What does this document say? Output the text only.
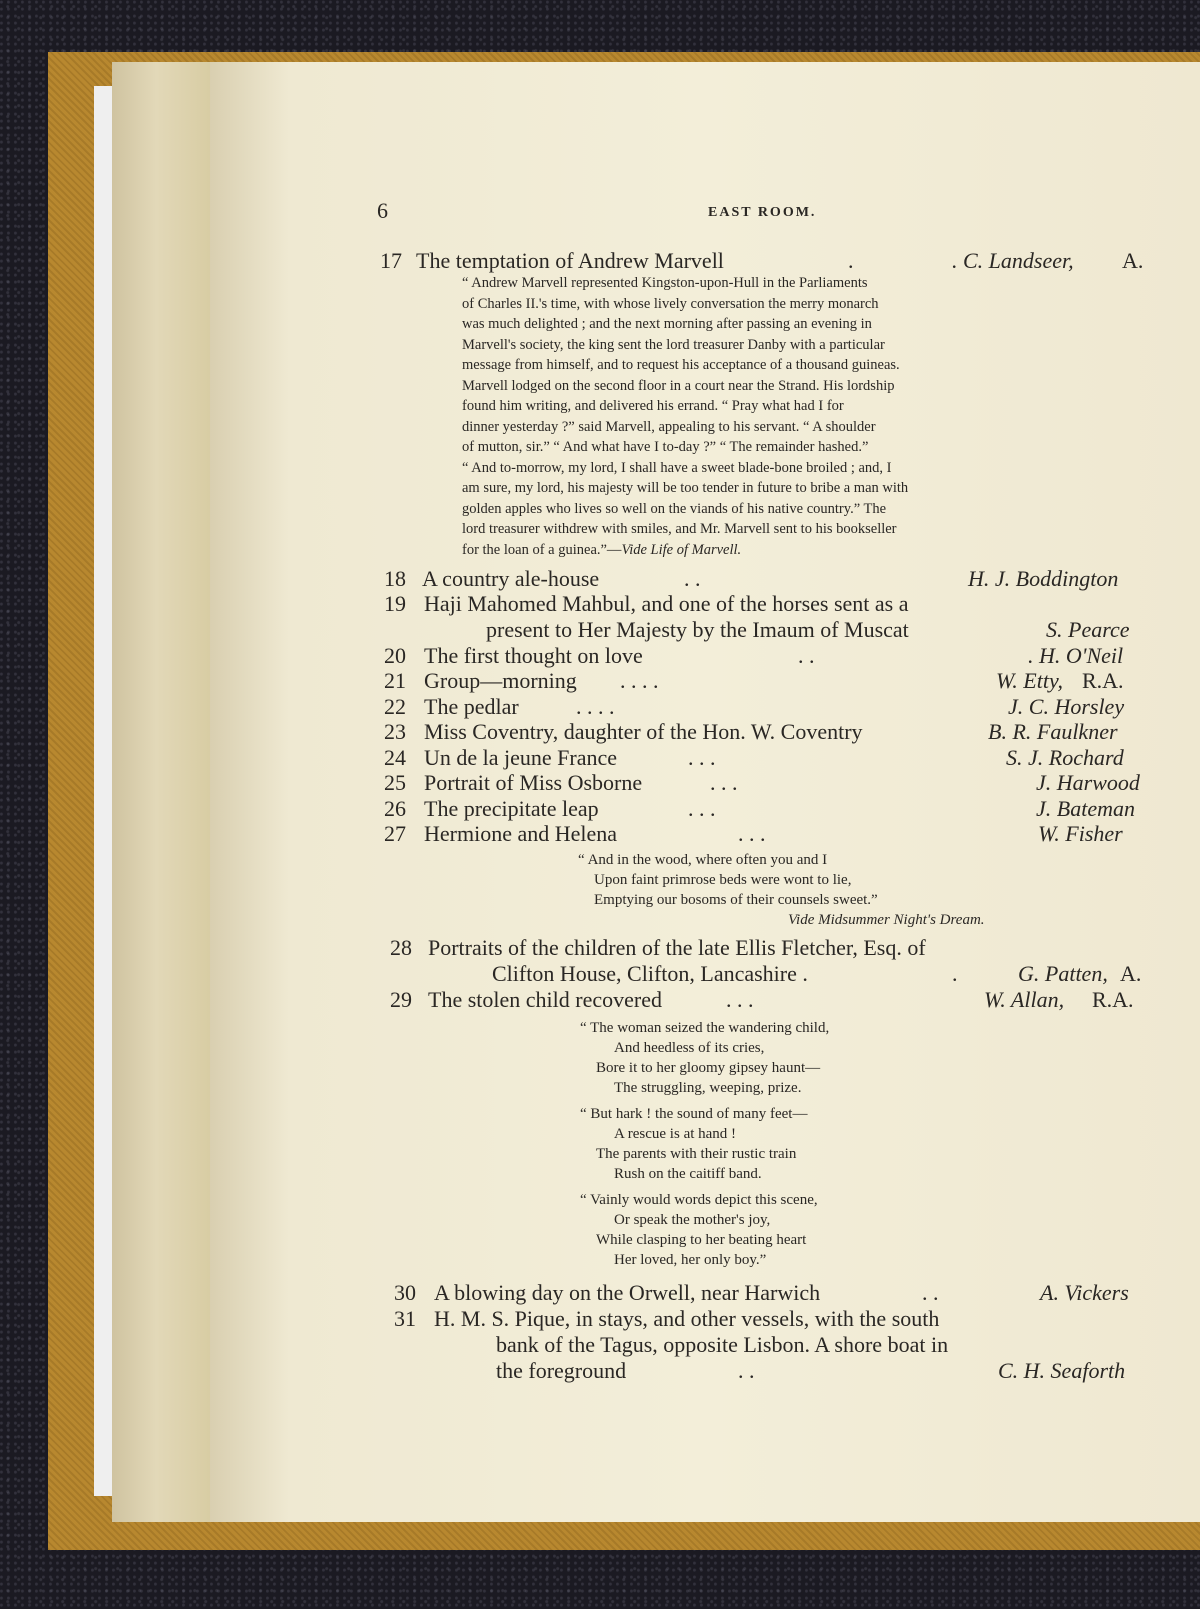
6	EAST ROOM.
17 The temptation of Andrew Marvell	.	. C. Landseer, A.

“ Andrew Marvell represented Kingston-upon-Hull in the Parliaments

of Charles II.'s time, with whose lively conversation the merry monarch

was much delighted ; and the next morning after passing an evening in

Marvell's society, the king sent the lord treasurer Danby with a particular

message from himself, and to request his acceptance of a thousand guineas.

Marvell lodged on the second floor in a court near the Strand. His lordship

found him writing, and delivered his errand. “ Pray what had I for

dinner yesterday ?” said Marvell, appealing to his servant. “ A shoulder

of mutton, sir.” “ And what have I to-day ?” “ The remainder hashed.”

“ And to-morrow, my lord, I shall have a sweet blade-bone broiled ; and, I

am sure, my lord, his majesty will be too tender in future to bribe a man with

golden apples who lives so well on the viands of his native country.” The

lord treasurer withdrew with smiles, and Mr. Marvell sent to his bookseller

for the loan of a guinea.”—Vide Life of Marvell.

18 A country ale-house	. .	H. J. Boddington
19 Haji Mahomed Mahbul, and one of the horses sent as a
present to Her Majesty by the Imaum of Muscat	S. Pearce
20 The first thought on love	. .	. H. O'Neil
21 Group—morning . . . .	W. Etty, R.A.
22 The pedlar	. . . .	J. C. Horsley
23 Miss Coventry, daughter of the Hon. W. Coventry	B. R. Faulkner
24 Un de la jeune France	. . .	S. J. Rochard
25 Portrait of Miss Osborne	. . .	J. Harwood
26 The precipitate leap	. . .	J. Bateman
27 Hermione and Helena	. . .	W. Fisher
“ And in the wood, where often you and I
Upon faint primrose beds were wont to lie,
Emptying our bosoms of their counsels sweet.”
Vide Midsummer Night's Dream.
28 Portraits of the children of the late Ellis Fletcher, Esq. of
Clifton House, Clifton, Lancashire .	.	G. Patten, A.
29 The stolen child recovered	. . .	W. Allan, R.A.
“ The woman seized the wandering child,
And heedless of its cries,
Bore it to her gloomy gipsey haunt—
The struggling, weeping, prize.
“ But hark ! the sound of many feet—
A rescue is at hand !
The parents with their rustic train
Rush on the caitiff band.
“ Vainly would words depict this scene,
Or speak the mother's joy,
While clasping to her beating heart
Her loved, her only boy.”
30 A blowing day on the Orwell, near Harwich	. .	A. Vickers
31 H. M. S. Pique, in stays, and other vessels, with the south
bank of the Tagus, opposite Lisbon. A shore boat in
the foreground	. .	C. H. Seaforth
